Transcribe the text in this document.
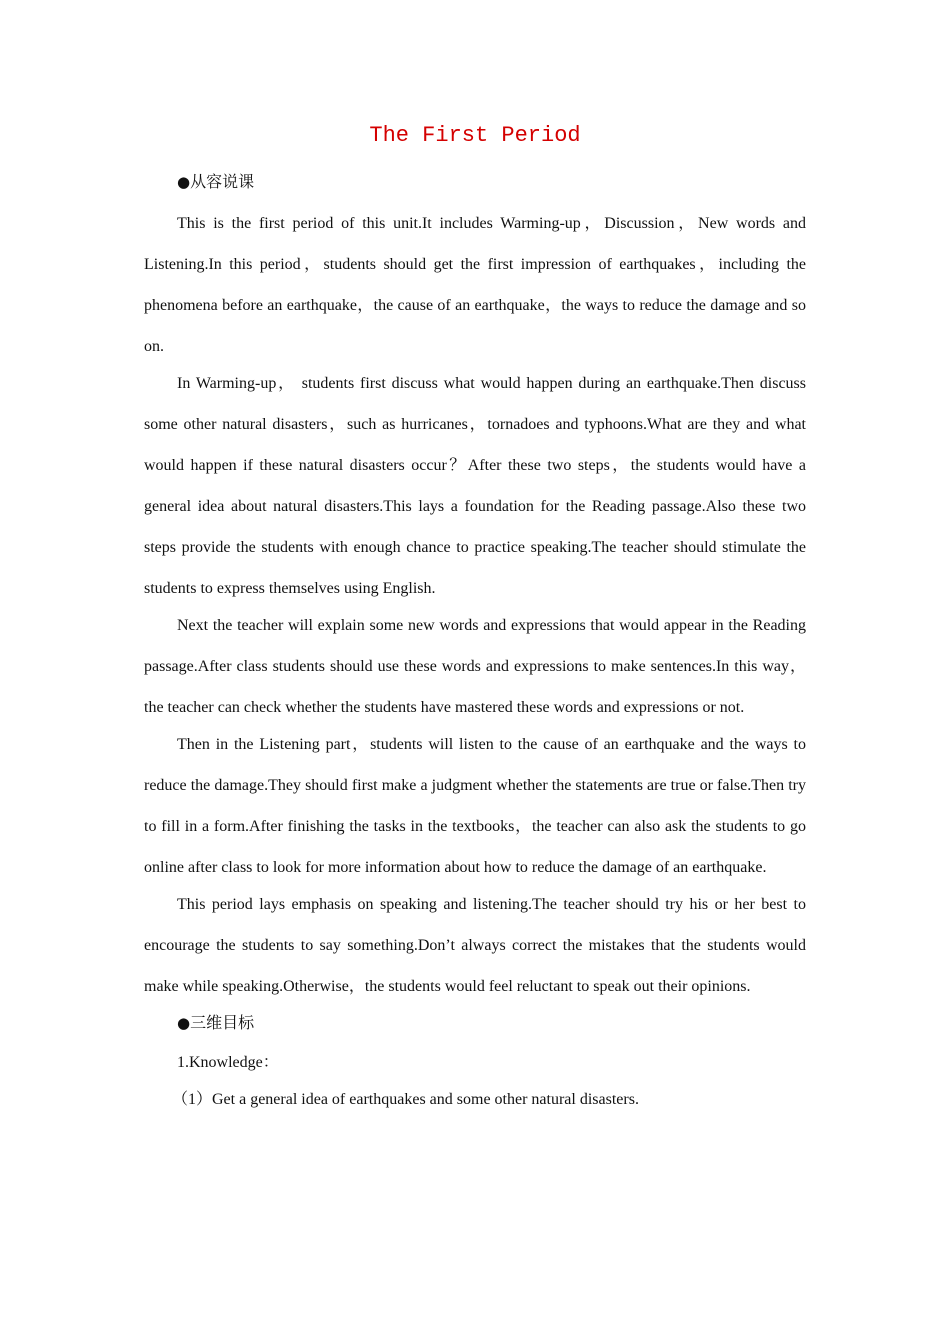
The First Period
●从容说课

This is the first period of this unit.It includes Warming-up，Discussion，New words and Listening.In this period，students should get the first impression of earthquakes，including the phenomena before an earthquake，the cause of an earthquake，the ways to reduce the damage and so on.

In Warming-up， students first discuss what would happen during an earthquake.Then discuss some other natural disasters，such as hurricanes，tornadoes and typhoons.What are they and what would happen if these natural disasters occur？After these two steps，the students would have a general idea about natural disasters.This lays a foundation for the Reading passage.Also these two steps provide the students with enough chance to practice speaking.The teacher should stimulate the students to express themselves using English.

Next the teacher will explain some new words and expressions that would appear in the Reading passage.After class students should use these words and expressions to make sentences.In this way， the teacher can check whether the students have mastered these words and expressions or not.

Then in the Listening part，students will listen to the cause of an earthquake and the ways to reduce the damage.They should first make a judgment whether the statements are true or false.Then try to fill in a form.After finishing the tasks in the textbooks，the teacher can also ask the students to go online after class to look for more information about how to reduce the damage of an earthquake.

This period lays emphasis on speaking and listening.The teacher should try his or her best to encourage the students to say something.Don’t always correct the mistakes that the students would make while speaking.Otherwise，the students would feel reluctant to speak out their opinions.

●三维目标

1.Knowledge：

（1）Get a general idea of earthquakes and some other natural disasters.
